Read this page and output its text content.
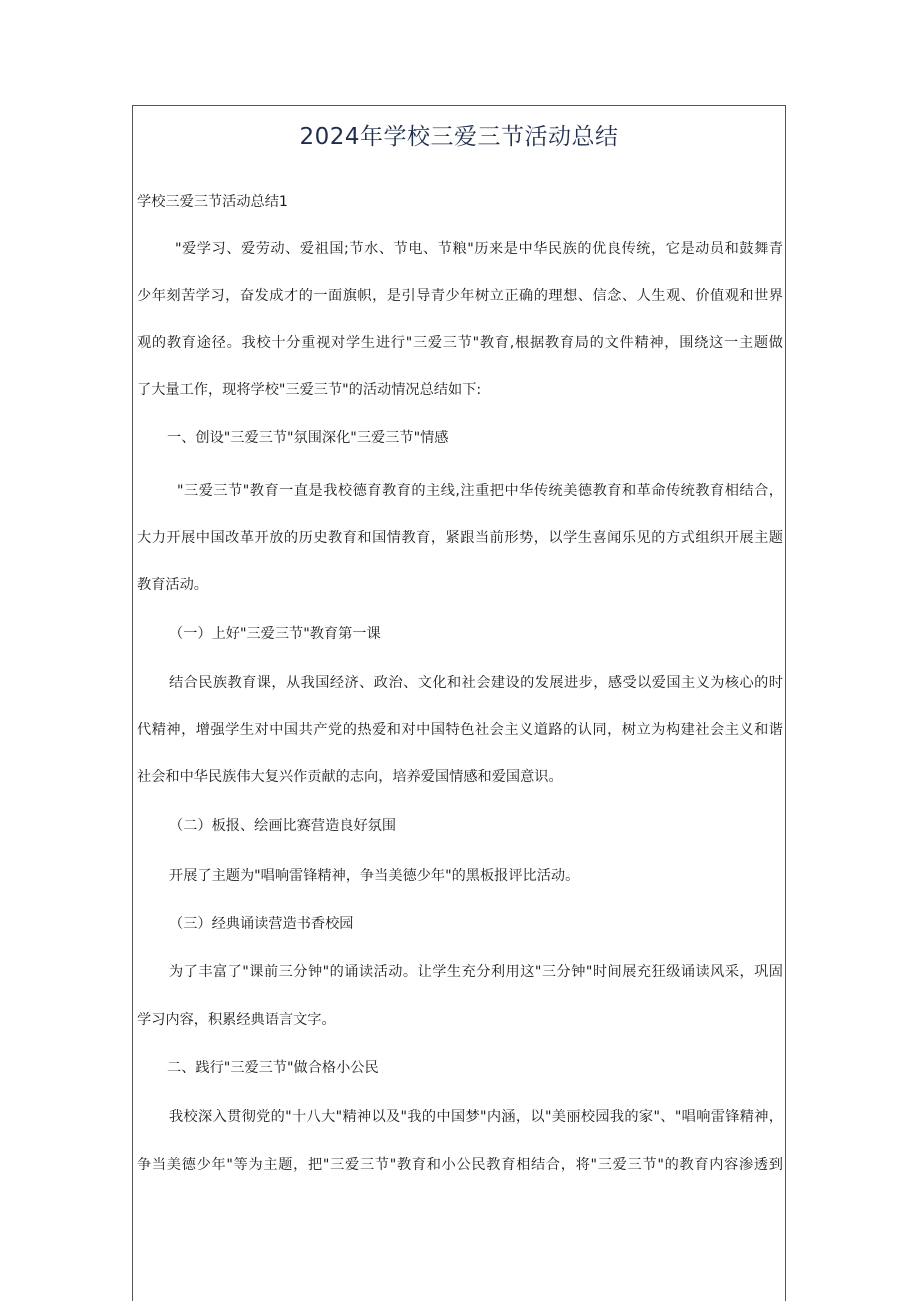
2024年学校三爱三节活动总结

学校三爱三节活动总结1

"爱学习、爱劳动、爱祖国;节水、节电、节粮"历来是中华民族的优良传统，它是动员和鼓舞青

少年刻苦学习，奋发成才的一面旗帜，是引导青少年树立正确的理想、信念、人生观、价值观和世界

观的教育途径。我校十分重视对学生进行"三爱三节"教育,根据教育局的文件精神，围绕这一主题做

了大量工作，现将学校"三爱三节"的活动情况总结如下:

一、创设"三爱三节"氛围深化"三爱三节"情感

"三爱三节"教育一直是我校德育教育的主线,注重把中华传统美德教育和革命传统教育相结合，

大力开展中国改革开放的历史教育和国情教育，紧跟当前形势，以学生喜闻乐见的方式组织开展主题

教育活动。

（一）上好"三爱三节"教育第一课

结合民族教育课，从我国经济、政治、文化和社会建设的发展进步，感受以爱国主义为核心的时

代精神，增强学生对中国共产党的热爱和对中国特色社会主义道路的认同，树立为构建社会主义和谐

社会和中华民族伟大复兴作贡献的志向，培养爱国情感和爱国意识。

（二）板报、绘画比赛营造良好氛围

开展了主题为"唱响雷锋精神，争当美德少年"的黑板报评比活动。

（三）经典诵读营造书香校园

为了丰富了"课前三分钟"的诵读活动。让学生充分利用这"三分钟"时间展充狂级诵读风采，巩固

学习内容，积累经典语言文字。

二、践行"三爱三节"做合格小公民

我校深入贯彻党的"十八大"精神以及"我的中国梦"内涵，以"美丽校园我的家"、"唱响雷锋精神，

争当美德少年"等为主题，把"三爱三节"教育和小公民教育相结合，将"三爱三节"的教育内容渗透到
